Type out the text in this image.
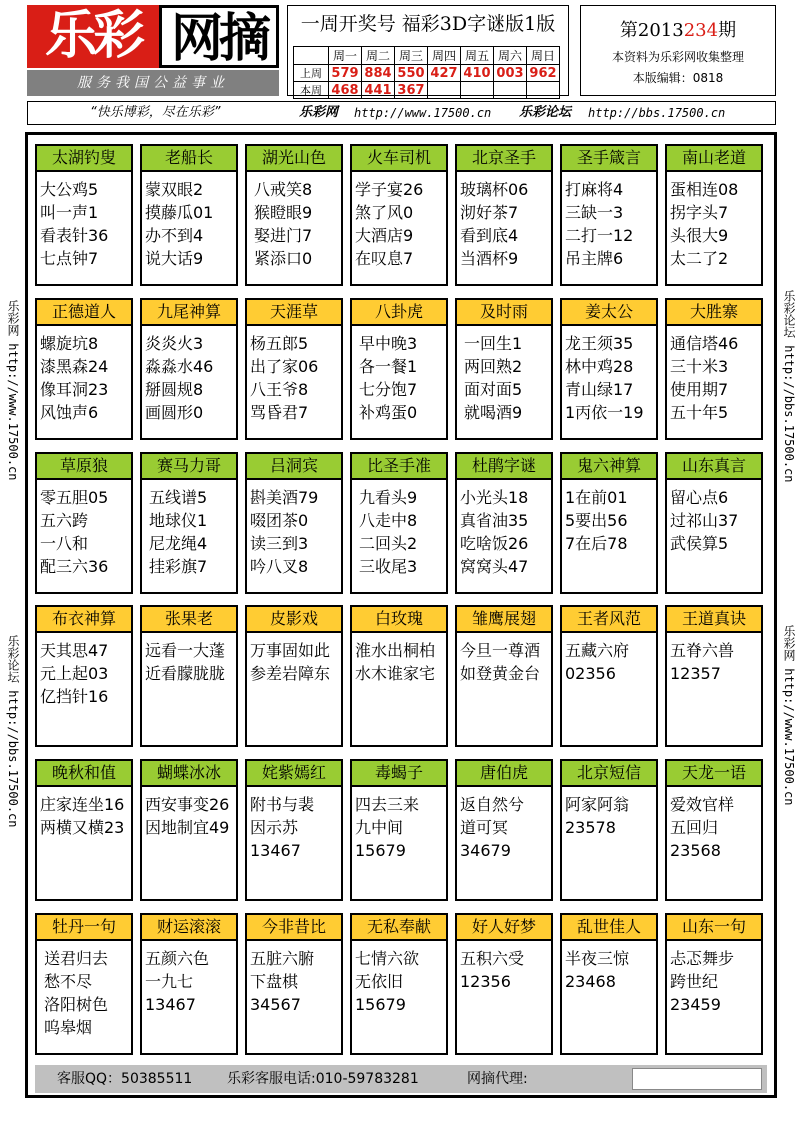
乐彩 网摘
服务我国公益事业
一周开奖号 福彩3D字谜版1版
	周一	周二	周三	周四	周五	周六	周日
上周	579	884	550	427	410	003	962
本周	468	441	367				
第2013234期
本资料为乐彩网收集整理
本版编辑：0818
“快乐博彩，尽在乐彩”	乐彩网 http://www.17500.cn 乐彩论坛 http://bbs.17500.cn
乐彩网 http://www.17500.cn
乐彩论坛 http://bbs.17500.cn
乐彩论坛 http://bbs.17500.cn
乐彩网 http://www.17500.cn
客服QQ：50385511 乐彩客服电话:010-59783281	网摘代理:
太湖钓叟
大公鸡5
叫一声1
看表针36
七点钟7
老船长
蒙双眼2
摸藤瓜01
办不到4
说大话9
湖光山色
八戒笑8
猴瞪眼9
娶进门7
紧添口0
火车司机
学子宴26
煞了风0
大酒店9
在叹息7
北京圣手
玻璃杯06
沏好茶7
看到底4
当酒杯9
圣手箴言
打麻将4
三缺一3
二打一12
吊主牌6
南山老道
蛋相连08
拐字头7
头很大9
太二了2
正德道人
螺旋坑8
漆黑森24
像耳洞23
风蚀声6
九尾神算
炎炎火3
淼淼水46
掰圆规8
画圆形0
天涯草
杨五郎5
出了家06
八王爷8
骂昏君7
八卦虎
早中晚3
各一餐1
七分饱7
补鸡蛋0
及时雨
一回生1
两回熟2
面对面5
就喝酒9
姜太公
龙王须35
林中鸡28
青山绿17
1丙依一19
大胜寨
通信塔46
三十米3
使用期7
五十年5
草原狼
零五胆05
五六跨
一八和
配三六36
赛马力哥
五线谱5
地球仪1
尼龙绳4
挂彩旗7
吕洞宾
斟美酒79
啜团茶0
读三到3
吟八叉8
比圣手准
九看头9
八走中8
二回头2
三收尾3
杜鹃字谜
小光头18
真省油35
吃啥饭26
窝窝头47
鬼六神算
1在前01
5要出56
7在后78
山东真言
留心点6
过祁山37
武侯算5
布衣神算
天其思47
元上起03
亿挡针16
张果老
远看一大蓬
近看朦胧胧
皮影戏
万事固如此
参差岩障东
白玫瑰
淮水出桐柏
水木谁家宅
雏鹰展翅
今旦一尊酒
如登黄金台
王者风范
五藏六府
02356
王道真诀
五脊六兽
12357
晚秋和值
庄家连坐16
两横又横23
蝴蝶冰冰
西安事变26
因地制宜49
姹紫嫣红
附书与裴
因示苏
13467
毒蝎子
四去三来
九中间
15679
唐伯虎
返自然兮
道可冥
34679
北京短信
阿家阿翁
23578
天龙一语
爱效官样
五回归
23568
牡丹一句
送君归去
愁不尽
洛阳树色
呜皋烟
财运滚滚
五颜六色
一九七
13467
今非昔比
五脏六腑
下盘棋
34567
无私奉献
七情六欲
无依旧
15679
好人好梦
五积六受
12356
乱世佳人
半夜三惊
23468
山东一句
忐忑舞步
跨世纪
23459
